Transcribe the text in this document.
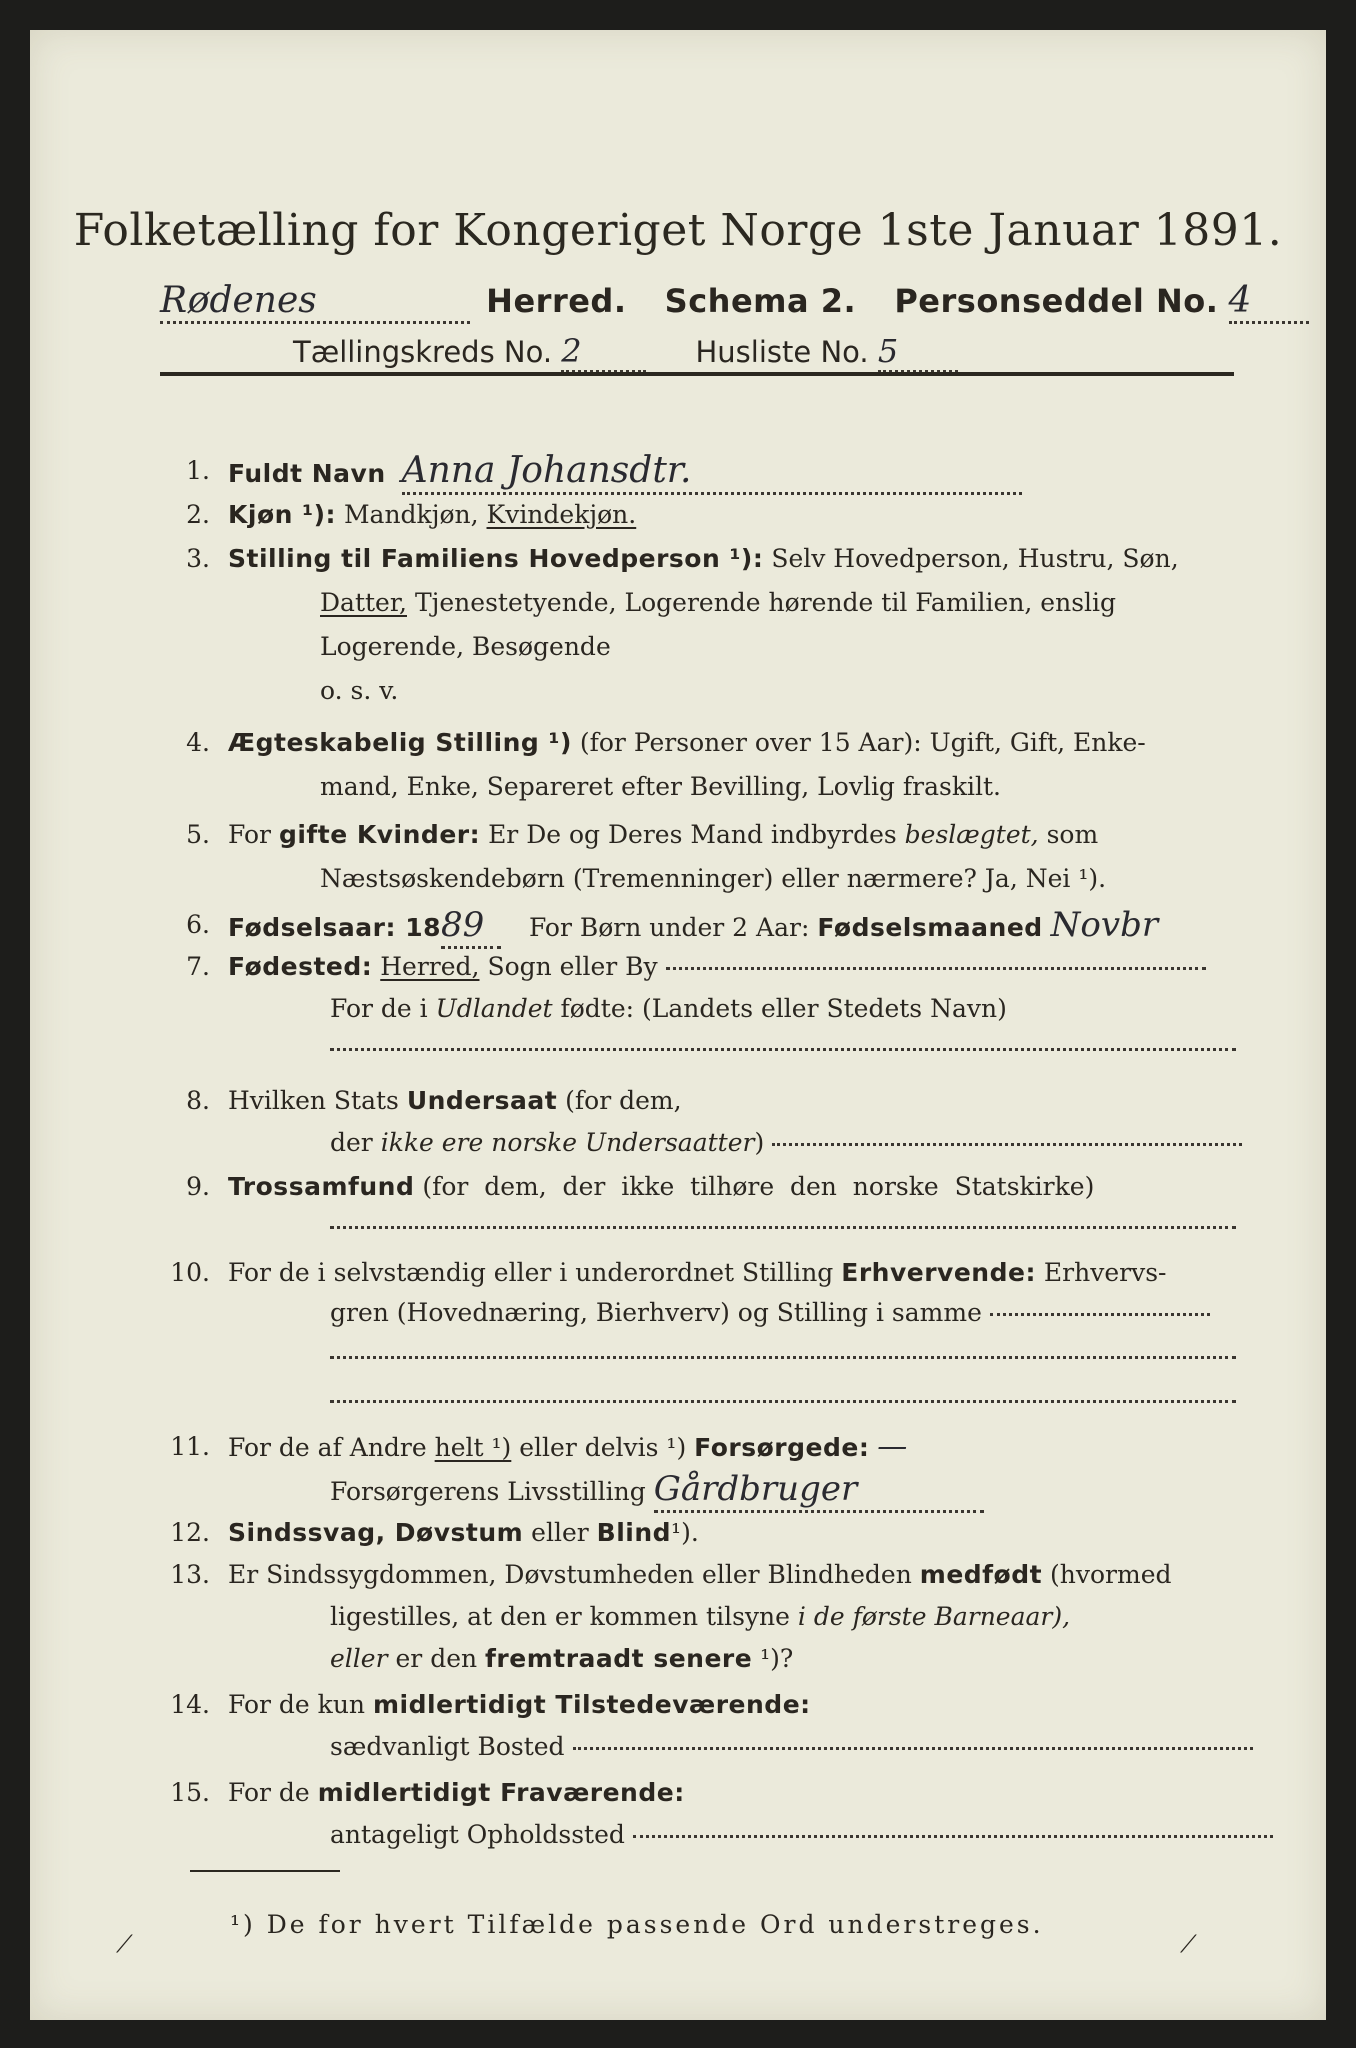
Folketælling for Kongeriget Norge 1ste Januar 1891.
Rødenes	Herred. Schema 2. Personseddel No. 4
Tællingskreds No. 2	Husliste No. 5
1. Fuldt Navn Anna Johansdtr.
2. Kjøn ¹): Mandkjøn, Kvindekjøn.
3. Stilling til Familiens Hovedperson ¹): Selv Hovedperson, Hustru, Søn,
Datter, Tjenestetyende, Logerende hørende til Familien, enslig
Logerende, Besøgende
o. s. v.
4. Ægteskabelig Stilling ¹) (for Personer over 15 Aar): Ugift, Gift, Enke-
mand, Enke, Separeret efter Bevilling, Lovlig fraskilt.
5. For gifte Kvinder: Er De og Deres Mand indbyrdes beslægtet, som
Næstsøskendebørn (Tremenninger) eller nærmere? Ja, Nei ¹).
6. Fødselsaar: 1889 For Børn under 2 Aar: Fødselsmaaned Novbr
7. Fødested: Herred, Sogn eller By
For de i Udlandet fødte: (Landets eller Stedets Navn)
8. Hvilken Stats Undersaat (for dem,
der ikke ere norske Undersaatter)
9. Trossamfund (for  dem,  der  ikke  tilhøre  den  norske  Statskirke)
10. For de i selvstændig eller i underordnet Stilling Erhvervende: Erhvervs-
gren (Hovednæring, Bierhverv) og Stilling i samme
11. For de af Andre helt ¹) eller delvis ¹) Forsørgede: —
Forsørgerens Livsstilling Gårdbruger
12. Sindssvag, Døvstum eller Blind¹).
13. Er Sindssygdommen, Døvstumheden eller Blindheden medfødt (hvormed
ligestilles, at den er kommen tilsyne i de første Barneaar),
eller er den fremtraadt senere ¹)?
14. For de kun midlertidigt Tilstedeværende:
sædvanligt Bosted
15. For de midlertidigt Fraværende:
antageligt Opholdssted
¹) De for hvert Tilfælde passende Ord understreges.
⟋	⟋
